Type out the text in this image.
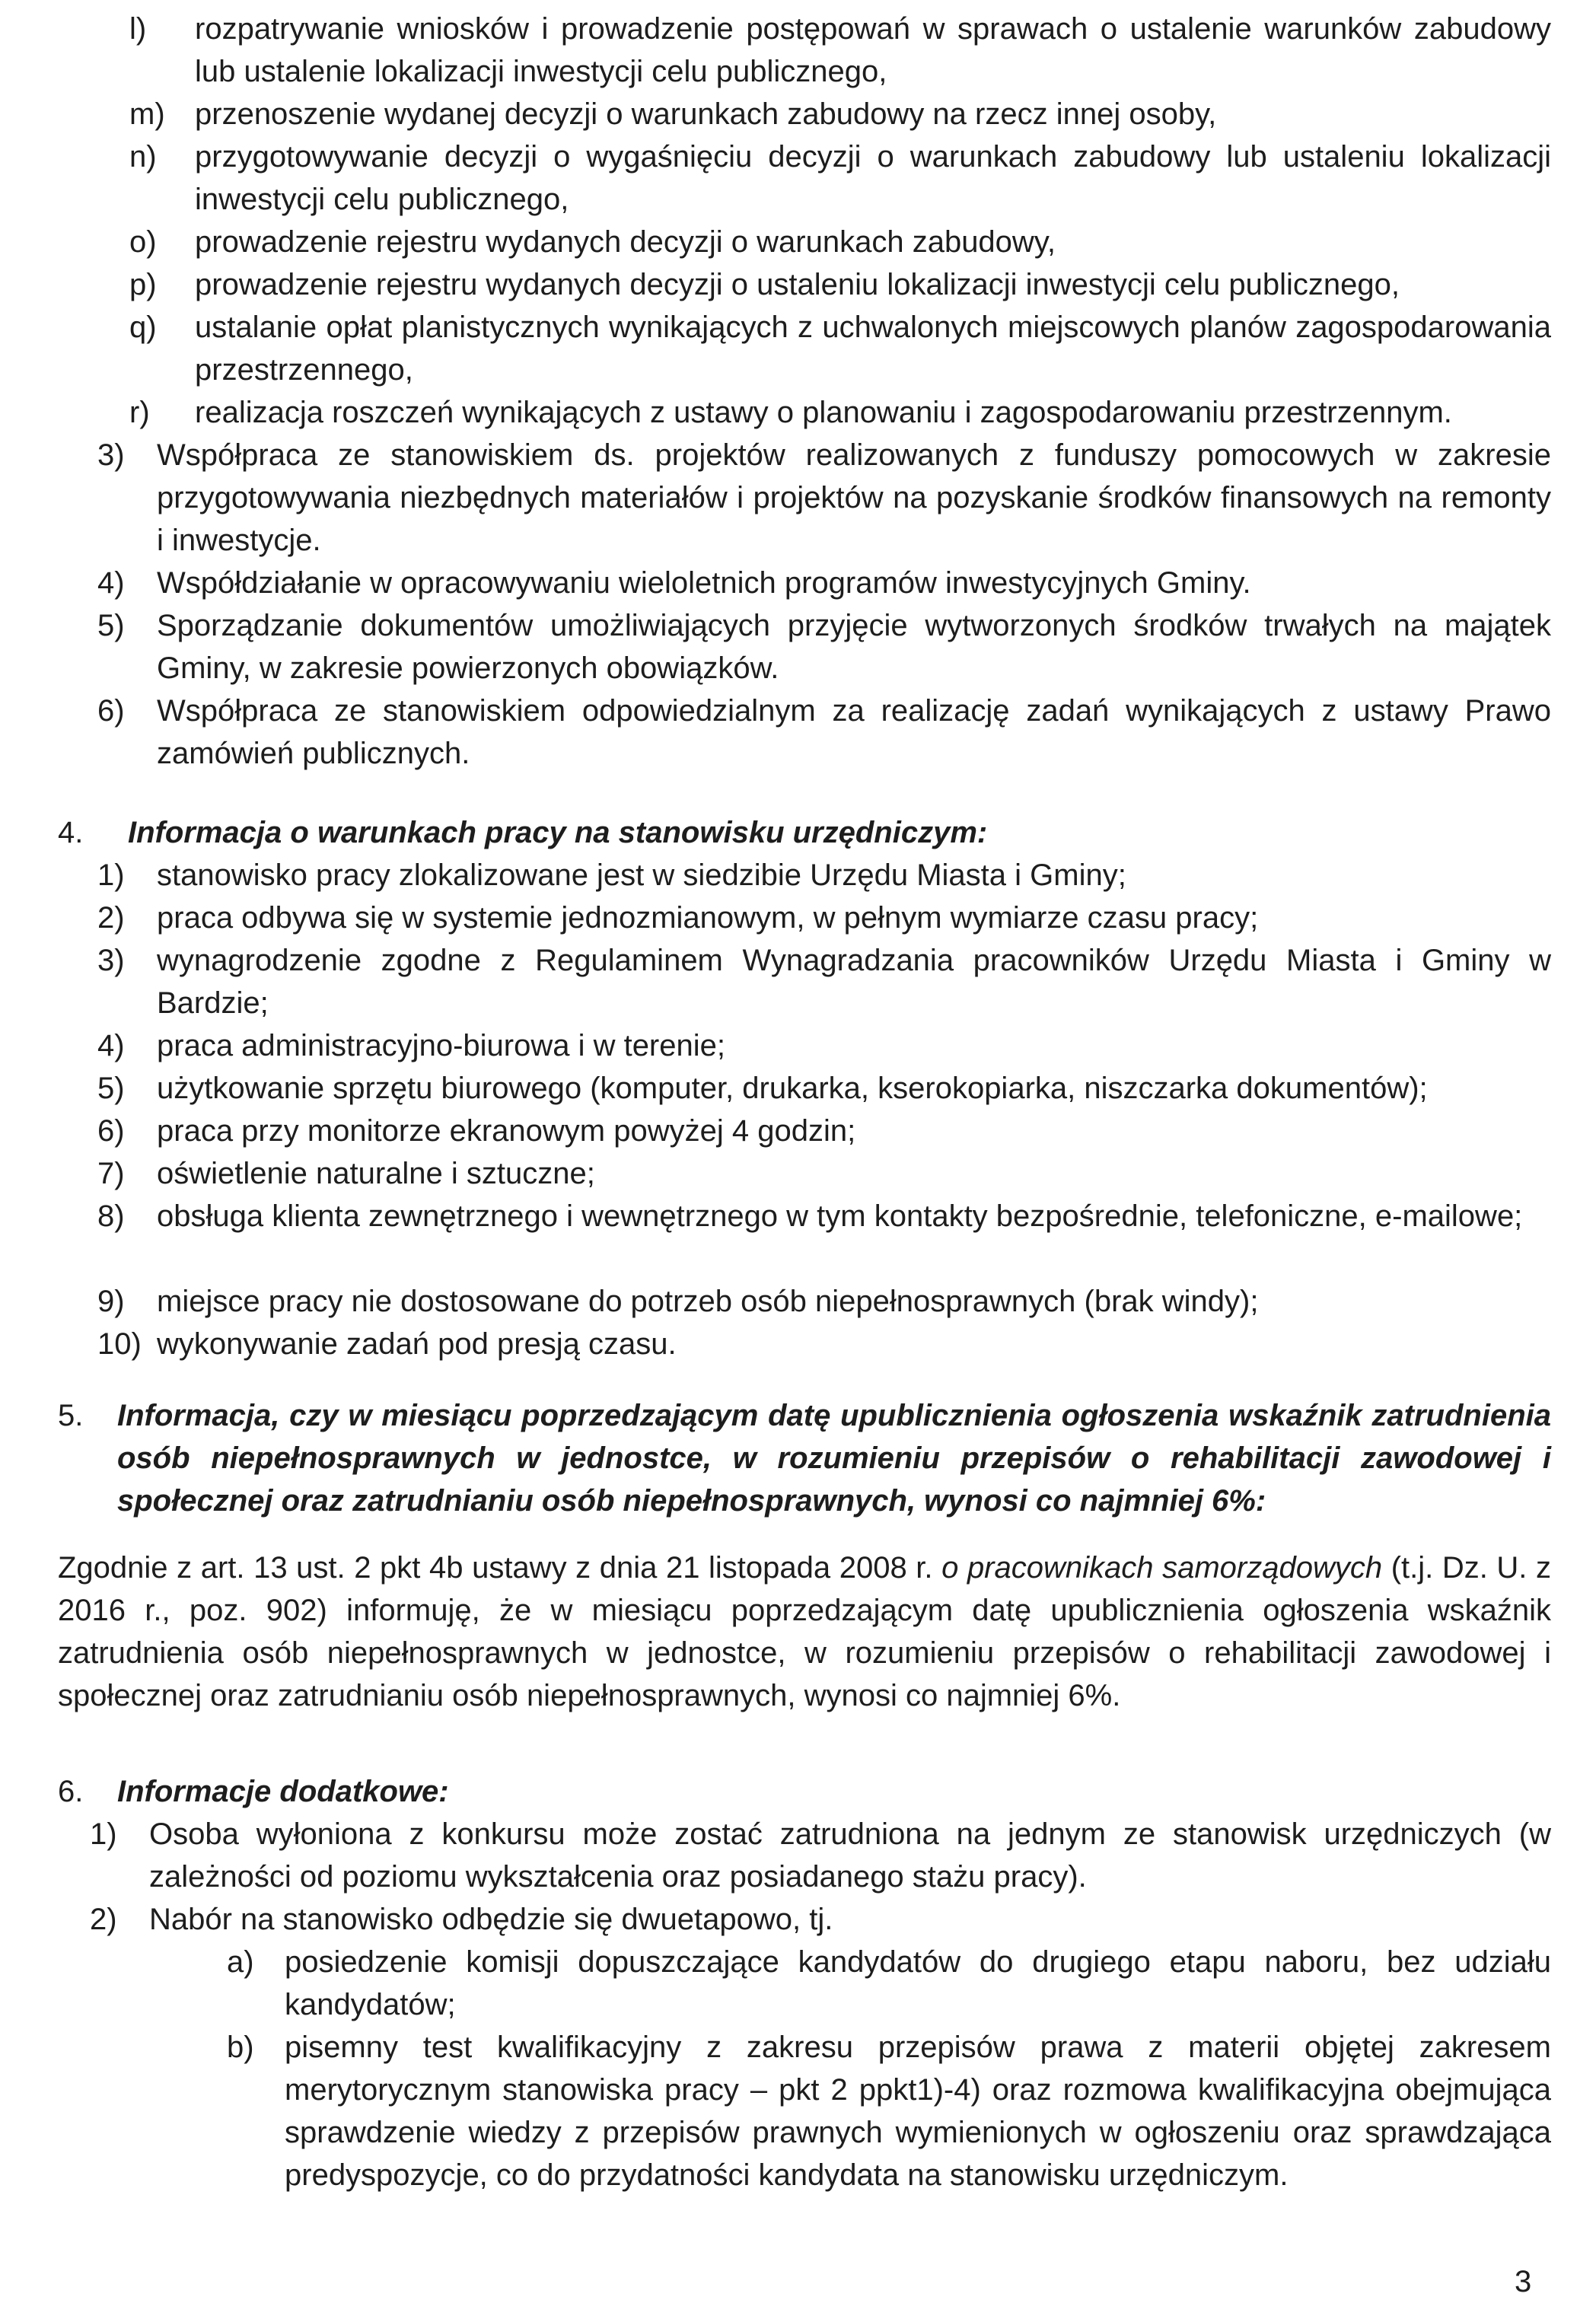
l) rozpatrywanie wniosków i prowadzenie postępowań w sprawach o ustalenie warunków zabudowy lub ustalenie lokalizacji inwestycji celu publicznego,
m) przenoszenie wydanej decyzji o warunkach zabudowy na rzecz innej osoby,
n) przygotowywanie decyzji o wygaśnięciu decyzji o warunkach zabudowy lub ustaleniu lokalizacji inwestycji celu publicznego,
o) prowadzenie rejestru wydanych decyzji o warunkach zabudowy,
p) prowadzenie rejestru wydanych decyzji o ustaleniu lokalizacji inwestycji celu publicznego,
q) ustalanie opłat planistycznych wynikających z uchwalonych miejscowych planów zagospodarowania przestrzennego,
r) realizacja roszczeń wynikających z ustawy o planowaniu i zagospodarowaniu przestrzennym.
3) Współpraca ze stanowiskiem ds. projektów realizowanych z funduszy pomocowych w zakresie przygotowywania niezbędnych materiałów i projektów na pozyskanie środków finansowych na remonty i inwestycje.
4) Współdziałanie w opracowywaniu wieloletnich programów inwestycyjnych Gminy.
5) Sporządzanie dokumentów umożliwiających przyjęcie wytworzonych środków trwałych na majątek Gminy, w zakresie powierzonych obowiązków.
6) Współpraca ze stanowiskiem odpowiedzialnym za realizację zadań wynikających z ustawy Prawo zamówień publicznych.
4.	Informacja o warunkach pracy na stanowisku urzędniczym:
1) stanowisko pracy zlokalizowane jest w siedzibie Urzędu Miasta i Gminy;
2) praca odbywa się w systemie jednozmianowym, w pełnym wymiarze czasu pracy;
3) wynagrodzenie zgodne z Regulaminem Wynagradzania pracowników Urzędu Miasta i Gminy w Bardzie;
4) praca administracyjno-biurowa i w terenie;
5) użytkowanie sprzętu biurowego (komputer, drukarka, kserokopiarka, niszczarka dokumentów);
6) praca przy monitorze ekranowym powyżej 4 godzin;
7) oświetlenie naturalne i sztuczne;
8) obsługa klienta zewnętrznego i wewnętrznego w tym kontakty bezpośrednie, telefoniczne, e-mailowe;
9) miejsce pracy nie dostosowane do potrzeb osób niepełnosprawnych (brak windy);
10) wykonywanie zadań pod presją czasu.
5.	Informacja, czy w miesiącu poprzedzającym datę upublicznienia ogłoszenia wskaźnik zatrudnienia osób niepełnosprawnych w jednostce, w rozumieniu przepisów o rehabilitacji zawodowej i społecznej oraz zatrudnianiu osób niepełnosprawnych, wynosi co najmniej 6%:
Zgodnie z art. 13 ust. 2 pkt 4b ustawy z dnia 21 listopada 2008 r. o pracownikach samorządowych (t.j. Dz. U. z 2016 r., poz. 902) informuję, że w miesiącu poprzedzającym datę upublicznienia ogłoszenia wskaźnik zatrudnienia osób niepełnosprawnych w jednostce, w rozumieniu przepisów o rehabilitacji zawodowej i społecznej oraz zatrudnianiu osób niepełnosprawnych, wynosi co najmniej 6%.
6.	Informacje dodatkowe:
1) Osoba wyłoniona z konkursu może zostać zatrudniona na jednym ze stanowisk urzędniczych (w zależności od poziomu wykształcenia oraz posiadanego stażu pracy).
2) Nabór na stanowisko odbędzie się dwuetapowo, tj.
a) posiedzenie komisji dopuszczające kandydatów do drugiego etapu naboru, bez udziału kandydatów;
b) pisemny test kwalifikacyjny z zakresu przepisów prawa z materii objętej zakresem merytorycznym stanowiska pracy – pkt 2 ppkt1)-4) oraz rozmowa kwalifikacyjna obejmująca sprawdzenie wiedzy z przepisów prawnych wymienionych w ogłoszeniu oraz sprawdzająca predyspozycje, co do przydatności kandydata na stanowisku urzędniczym.
3
